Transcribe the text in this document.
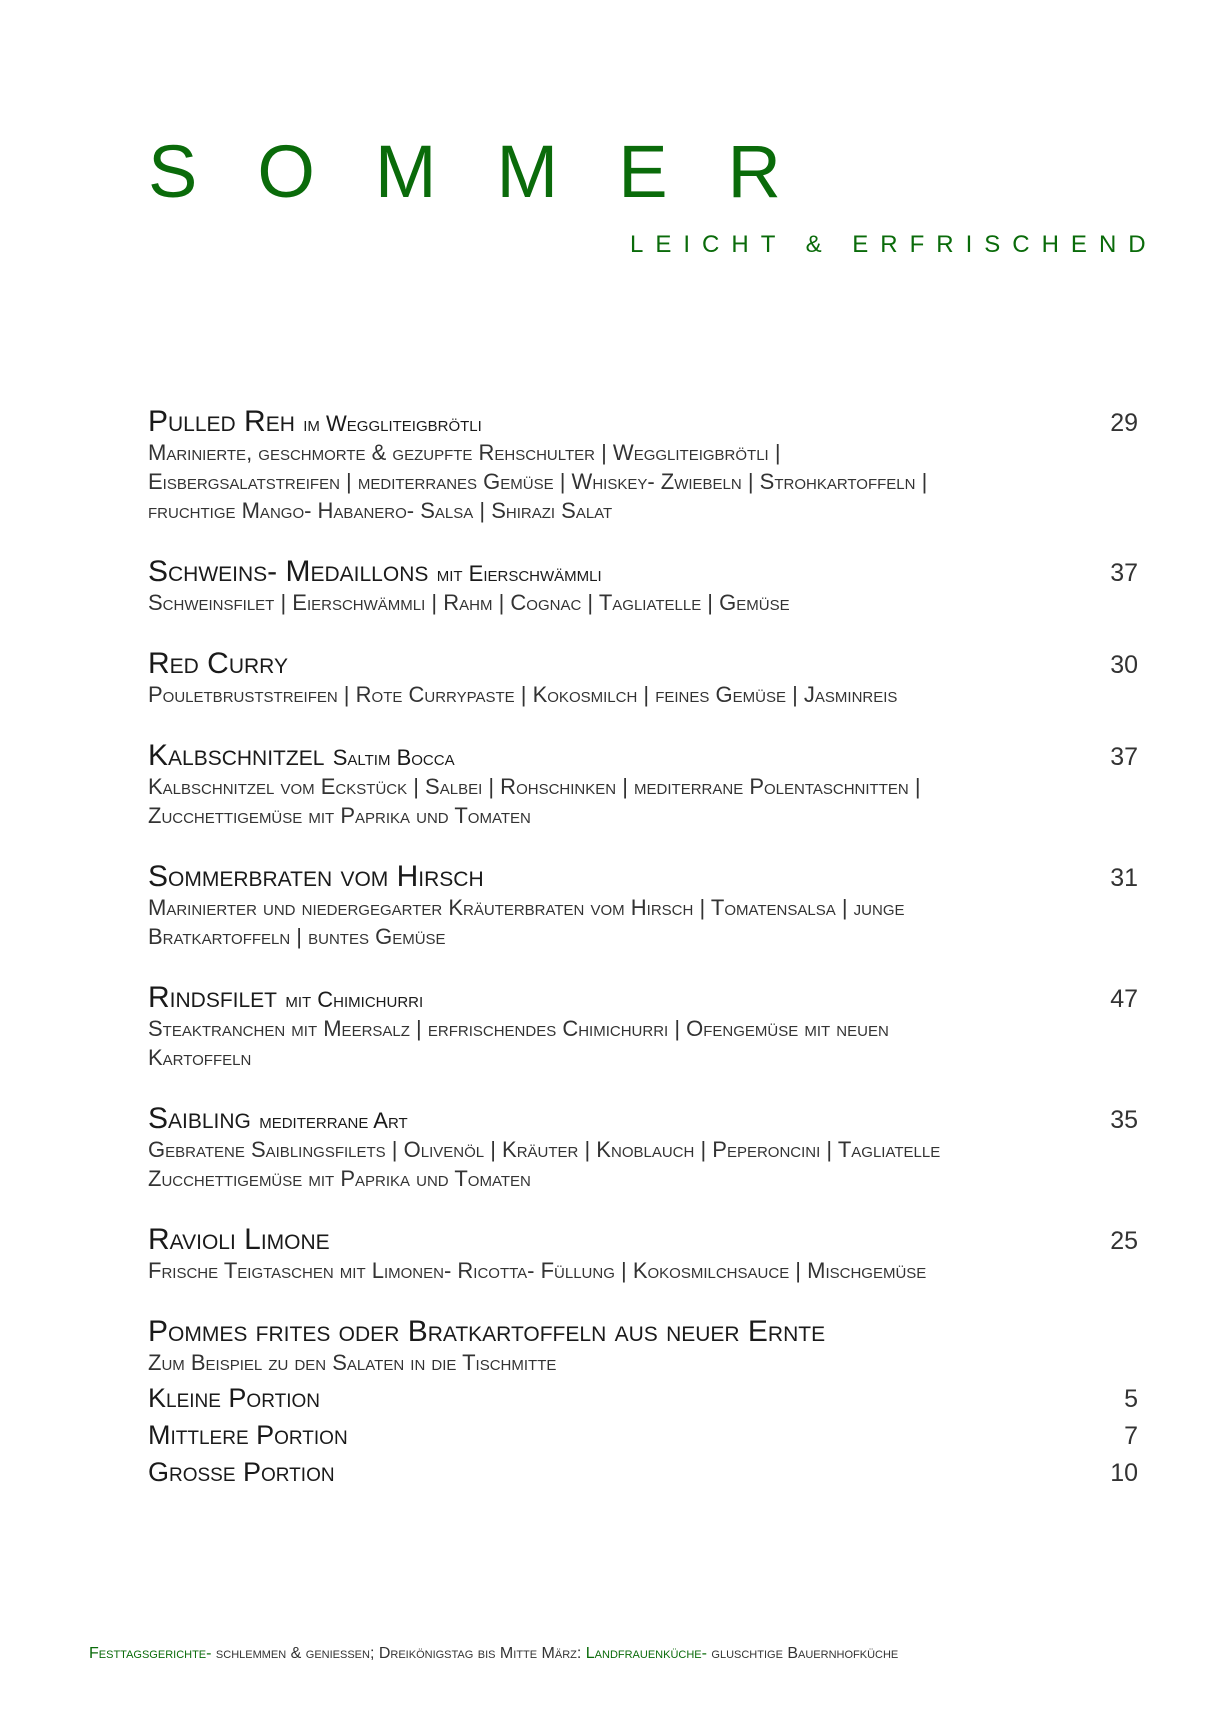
SOMMER
LEICHT & ERFRISCHEND
Pulled Reh im Weggliteigbrötli	29
Marinierte, geschmorte & gezupfte Rehschulter | Weggliteigbrötli |
Eisbergsalatstreifen | mediterranes Gemüse | Whiskey- Zwiebeln | Strohkartoffeln |
fruchtige Mango- Habanero- Salsa | Shirazi Salat
Schweins- Medaillons mit Eierschwämmli	37
Schweinsfilet | Eierschwämmli | Rahm | Cognac | Tagliatelle | Gemüse
Red Curry	30
Pouletbruststreifen | Rote Currypaste | Kokosmilch | feines Gemüse | Jasminreis
Kalbschnitzel Saltim Bocca	37
Kalbschnitzel vom Eckstück | Salbei | Rohschinken | mediterrane Polentaschnitten |
Zucchettigemüse mit Paprika und Tomaten
Sommerbraten vom Hirsch	31
Marinierter und niedergegarter Kräuterbraten vom Hirsch | Tomatensalsa | junge
Bratkartoffeln | buntes Gemüse
Rindsfilet mit Chimichurri	47
Steaktranchen mit Meersalz | erfrischendes Chimichurri | Ofengemüse mit neuen
Kartoffeln
Saibling mediterrane Art	35
Gebratene Saiblingsfilets | Olivenöl | Kräuter | Knoblauch | Peperoncini | Tagliatelle
Zucchettigemüse mit Paprika und Tomaten
Ravioli Limone	25
Frische Teigtaschen mit Limonen- Ricotta- Füllung | Kokosmilchsauce | Mischgemüse
Pommes frites oder Bratkartoffeln aus neuer Ernte
Zum Beispiel zu den Salaten in die Tischmitte
Kleine Portion	5
Mittlere Portion	7
Grosse Portion	10
Festtagsgerichte- schlemmen & geniessen; Dreikönigstag bis Mitte März: Landfrauenküche- gluschtige Bauernhofküche
